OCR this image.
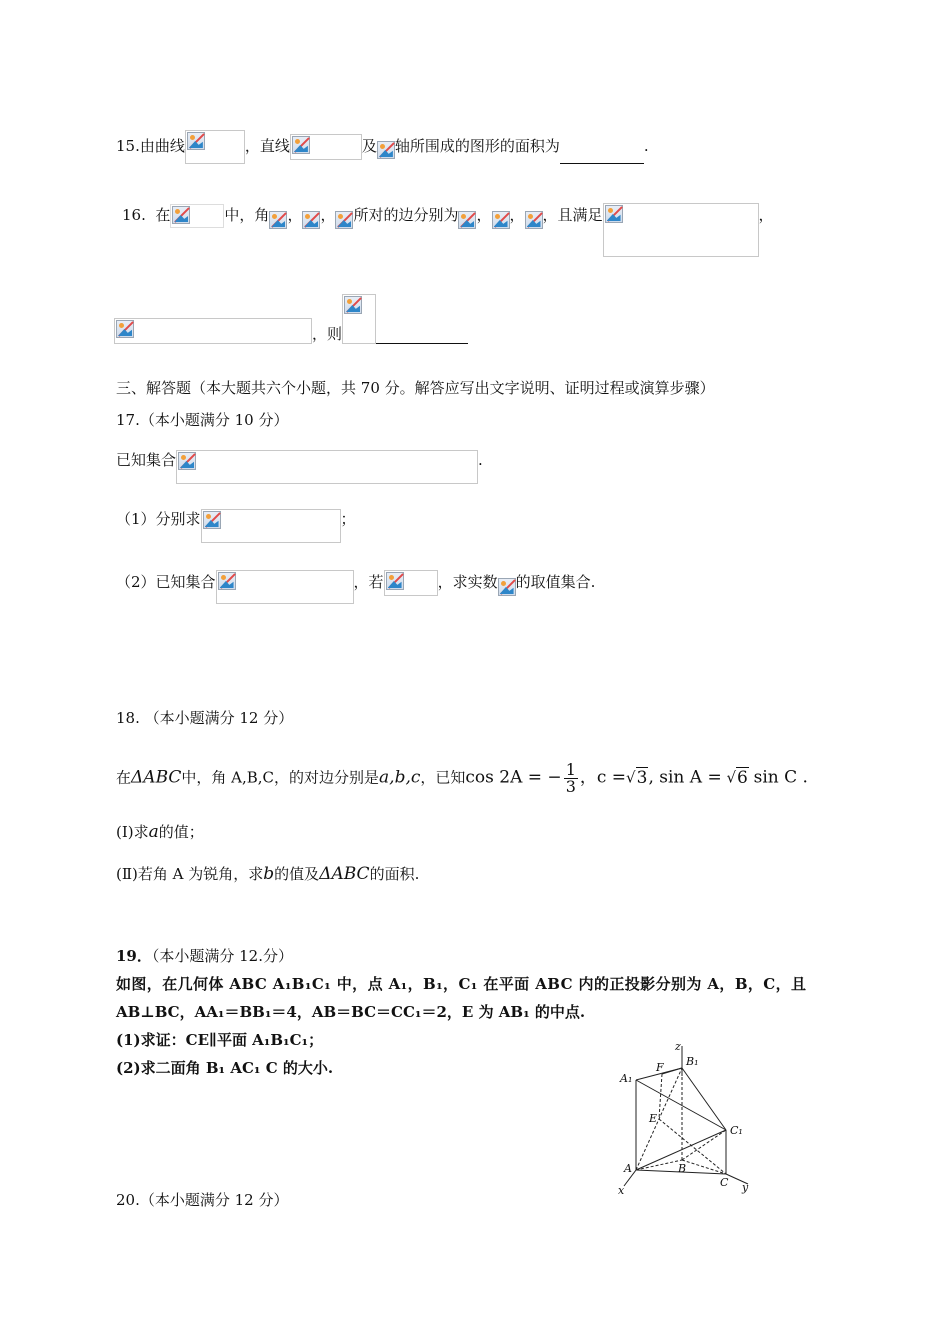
15.由曲线	，直线	及 轴所围成的图形的面积为	.
16. 在	中，角 ， ， 所对的边分别为 ， ， ，且满足	，
，则
三、解答题（本大题共六个小题，共 70 分。解答应写出文字说明、证明过程或演算步骤）
17.（本小题满分 10 分）
已知集合	.
（1）分别求	；
（2）已知集合	，若	，求实数 的取值集合.
18. （本小题满分 12 分）
在ΔABC中，角 A,B,C，的对边分别是a,b,c，已知cos 2A = − $\frac{1}{3}$ ，c =√3, sin A = √6 sin C .
(Ⅰ)求a的值；
(Ⅱ)若角 A 为锐角，求b的值及ΔABC的面积.
19．（本小题满分 12.分）
如图，在几何体 ABC A₁B₁C₁ 中，点 A₁，B₁，C₁ 在平面 ABC 内的正投影分别为 A，B，C，且
AB⊥BC，AA₁＝BB₁＝4，AB＝BC＝CC₁＝2，E 为 AB₁ 的中点.
(1)求证：CE∥平面 A₁B₁C₁；
(2)求二面角 B₁ AC₁ C 的大小.
z
B₁
A₁
F
E
C₁
A	B
C y
x
20.（本小题满分 12 分）
